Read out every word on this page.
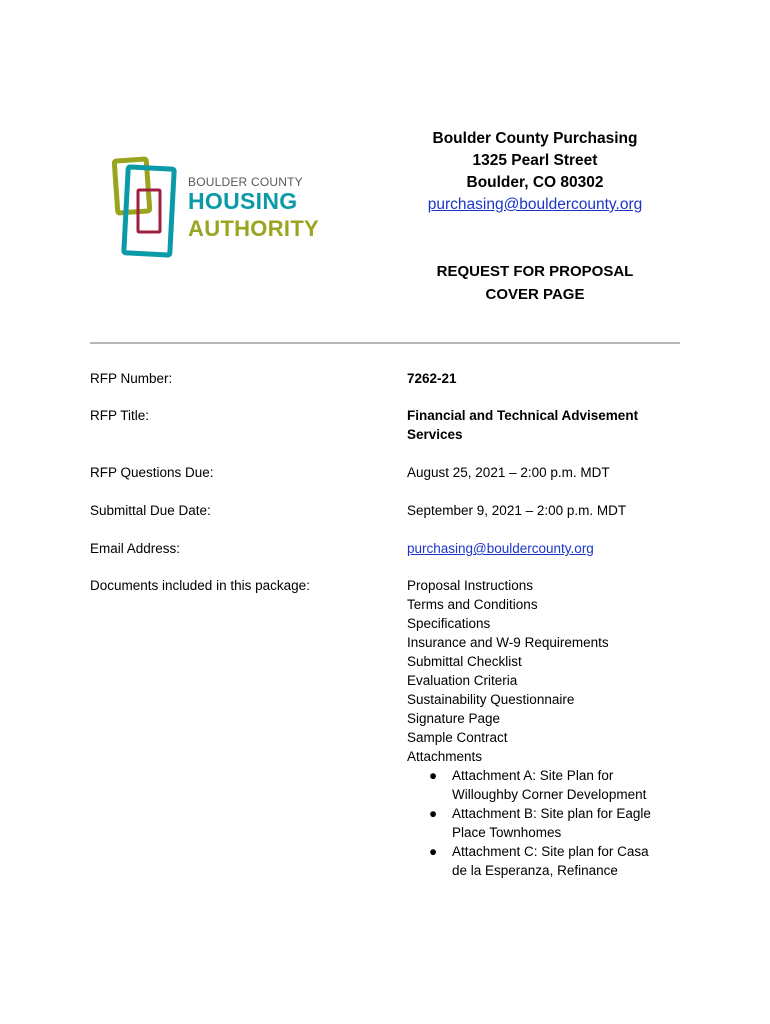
BOULDER COUNTY
HOUSING
AUTHORITY
Boulder County Purchasing
1325 Pearl Street
Boulder, CO 80302
purchasing@bouldercounty.org
REQUEST FOR PROPOSAL
COVER PAGE
RFP Number:	7262-21
RFP Title:	Financial and Technical Advisement Services
RFP Questions Due:	August 25, 2021 – 2:00 p.m. MDT
Submittal Due Date:	September 9, 2021 – 2:00 p.m. MDT
Email Address:	purchasing@bouldercounty.org
Documents included in this package:	Proposal Instructions
Terms and Conditions
Specifications
Insurance and W-9 Requirements
Submittal Checklist
Evaluation Criteria
Sustainability Questionnaire
Signature Page
Sample Contract
Attachments
● Attachment A: Site Plan for Willoughby Corner Development
● Attachment B: Site plan for Eagle Place Townhomes
● Attachment C: Site plan for Casa de la Esperanza, Refinance
